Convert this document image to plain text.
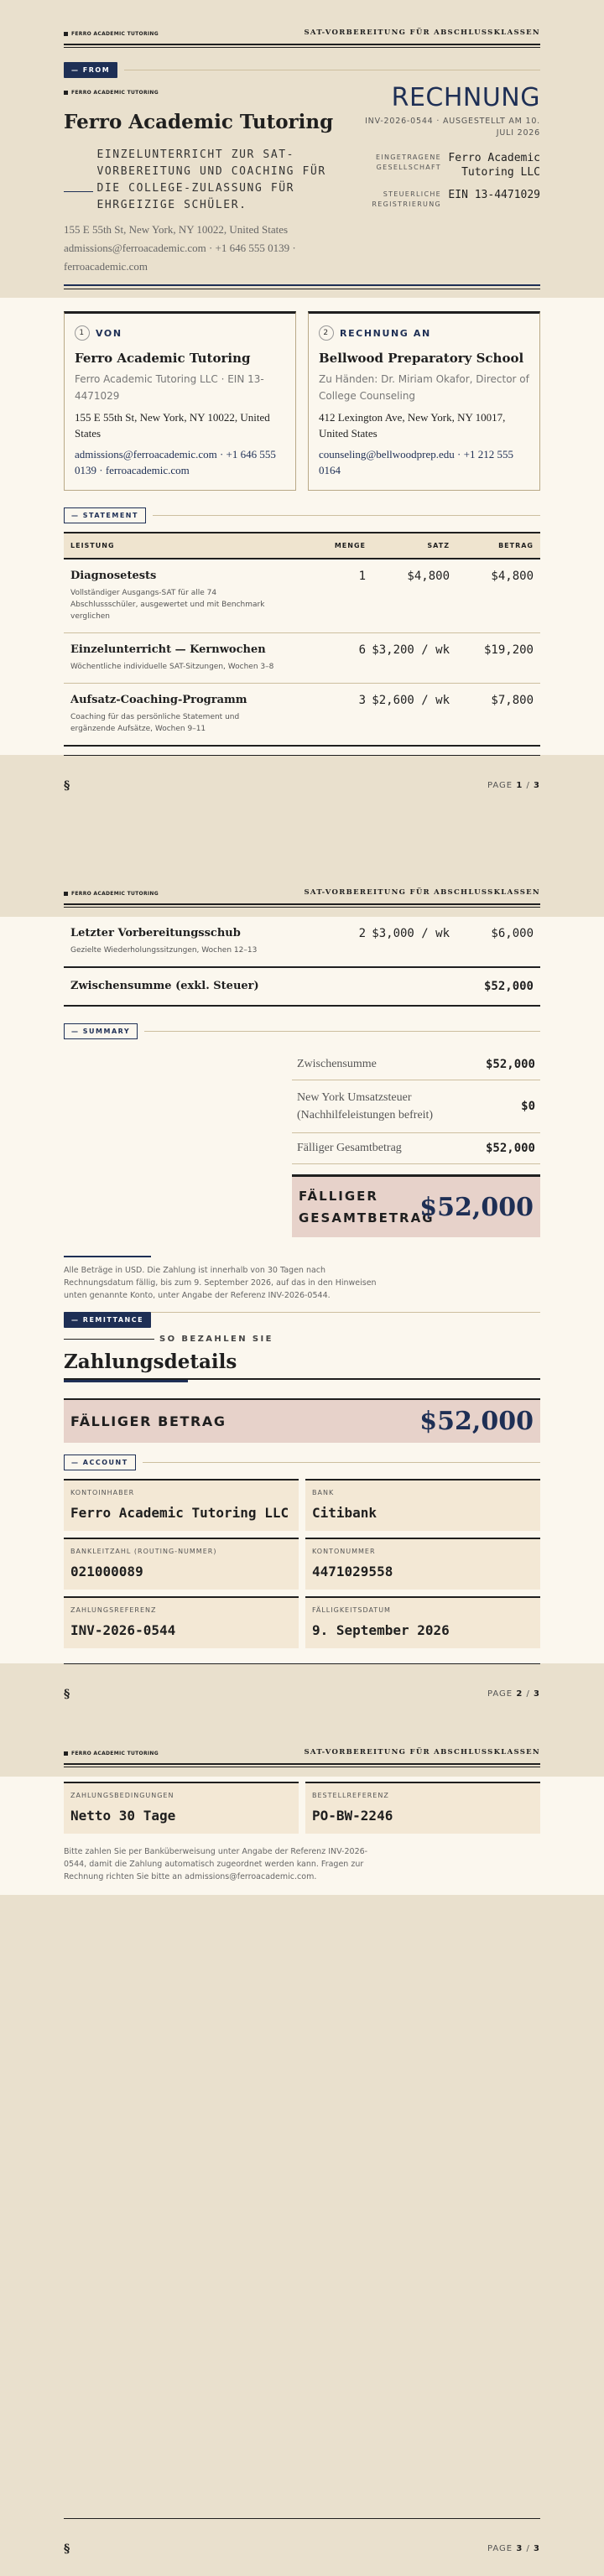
FERRO ACADEMIC TUTORING	SAT-VORBEREITUNG FÜR ABSCHLUSSKLASSEN
— FROM
FERRO ACADEMIC TUTORING
Ferro Academic Tutoring
EINZELUNTERRICHT ZUR SAT-VORBEREITUNG UND COACHING FÜR DIE COLLEGE-ZULASSUNG FÜR EHRGEIZIGE SCHÜLER.
155 E 55th St, New York, NY 10022, United States
admissions@ferroacademic.com · +1 646 555 0139 · ferroacademic.com
RECHNUNG
INV-2026-0544 · AUSGESTELLT AM 10. JULI 2026
EINGETRAGENE GESELLSCHAFT
Ferro Academic Tutoring LLC
STEUERLICHE REGISTRIERUNG
EIN 13-4471029
1	VON
Ferro Academic Tutoring
Ferro Academic Tutoring LLC · EIN 13-4471029
155 E 55th St, New York, NY 10022, United States
admissions@ferroacademic.com · +1 646 555 0139 · ferroacademic.com
2	RECHNUNG AN
Bellwood Preparatory School
Zu Händen: Dr. Miriam Okafor, Director of College Counseling
412 Lexington Ave, New York, NY 10017, United States
counseling@bellwoodprep.edu · +1 212 555 0164
— STATEMENT
LEISTUNG	MENGE	SATZ	BETRAG
Diagnosetests
Vollständiger Ausgangs-SAT für alle 74 Abschlussschüler, ausgewertet und mit Benchmark verglichen
1	$4,800	$4,800
Einzelunterricht — Kernwochen
Wöchentliche individuelle SAT-Sitzungen, Wochen 3–8
6 $3,200 / wk	$19,200
Aufsatz-Coaching-Programm
Coaching für das persönliche Statement und ergänzende Aufsätze, Wochen 9–11
3 $2,600 / wk	$7,800
§	PAGE 1 / 3
FERRO ACADEMIC TUTORING	SAT-VORBEREITUNG FÜR ABSCHLUSSKLASSEN
Letzter Vorbereitungsschub
Gezielte Wiederholungssitzungen, Wochen 12–13
2 $3,000 / wk	$6,000
Zwischensumme (exkl. Steuer)	$52,000
— SUMMARY
Zwischensumme	$52,000
New York Umsatzsteuer (Nachhilfeleistungen befreit)
$0
Fälliger Gesamtbetrag	$52,000
FÄLLIGER GESAMTBETRAG
$52,000
Alle Beträge in USD. Die Zahlung ist innerhalb von 30 Tagen nach Rechnungsdatum fällig, bis zum 9. September 2026, auf das in den Hinweisen unten genannte Konto, unter Angabe der Referenz INV-2026-0544.
— REMITTANCE
SO BEZAHLEN SIE
Zahlungsdetails
FÄLLIGER BETRAG	$52,000
— ACCOUNT
KONTOINHABER
Ferro Academic Tutoring LLC
BANK
Citibank
BANKLEITZAHL (ROUTING-NUMMER)
021000089
KONTONUMMER
4471029558
ZAHLUNGSREFERENZ
INV-2026-0544
FÄLLIGKEITSDATUM
9. September 2026
§	PAGE 2 / 3
FERRO ACADEMIC TUTORING	SAT-VORBEREITUNG FÜR ABSCHLUSSKLASSEN
ZAHLUNGSBEDINGUNGEN
Netto 30 Tage
BESTELLREFERENZ
PO-BW-2246
Bitte zahlen Sie per Banküberweisung unter Angabe der Referenz INV-2026-0544, damit die Zahlung automatisch zugeordnet werden kann. Fragen zur Rechnung richten Sie bitte an admissions@ferroacademic.com.
§	PAGE 3 / 3
